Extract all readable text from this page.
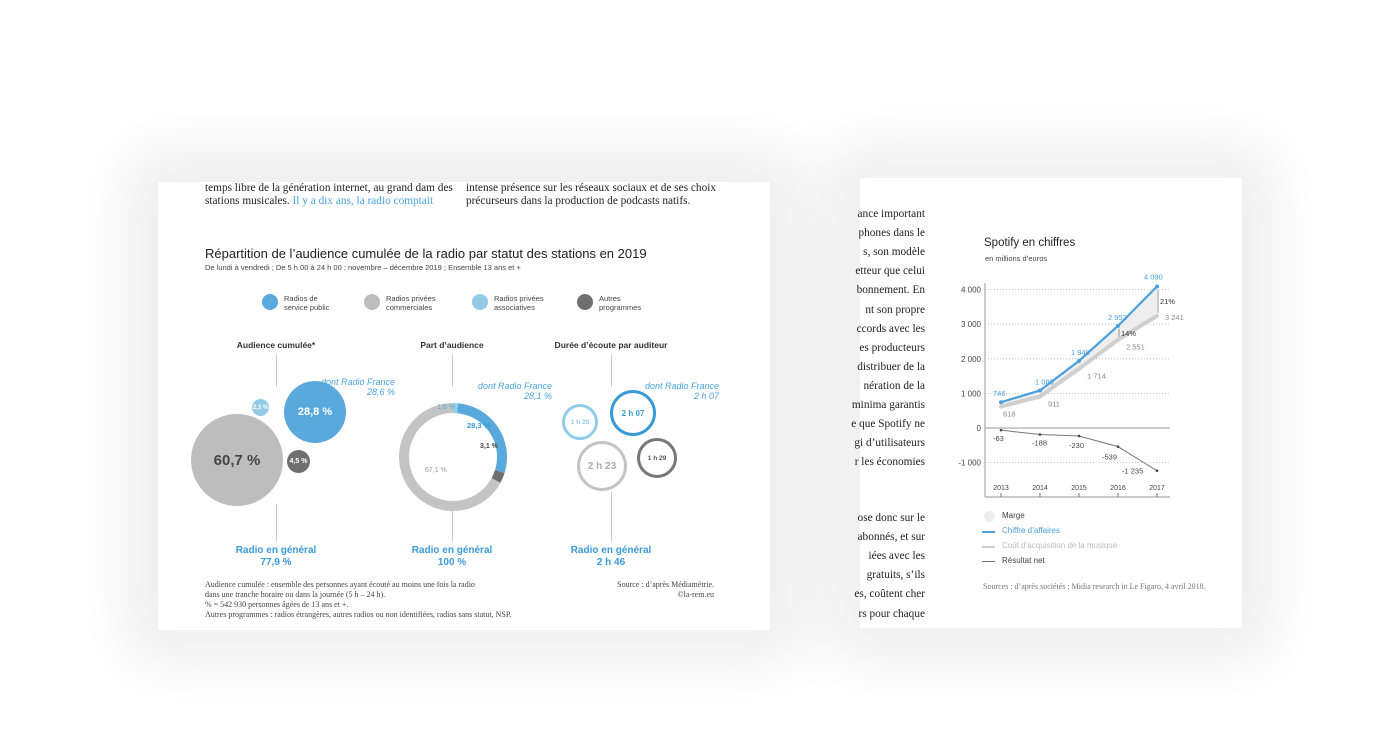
temps libre de la génération internet, au grand dam des
stations musicales. Il y a dix ans, la radio comptait
intense présence sur les réseaux sociaux et de ses choix
précurseurs dans la production de podcasts natifs.
Répartition de l’audience cumulée de la radio par statut des stations en 2019
De lundi à vendredi ; De 5 h 00 à 24 h 00 ; novembre – décembre 2019 ; Ensemble 13 ans et +
Radios de
service public
Radios privées
commerciales
Radios privées
associatives
Autres
programmes
Audience cumulée*	Part d’audience	Durée d’écoute par auditeur
60,7 %
28,8 %
2,3 %
4,5 %
dont Radio France
28,6 %
dont Radio France
28,1 %
1,5 %
28,3 %
3,1 %
67,1 %
1 h 25
2 h 07
2 h 23
1 h 29
dont Radio France
2 h 07
Radio en général
77,9 %
Radio en général
100 %
Radio en général
2 h 46
Audience cumulée : ensemble des personnes ayant écouté au moins une fois la radio
dans une tranche horaire ou dans la journée (5 h – 24 h).
% = 542 930 personnes âgées de 13 ans et +.
Autres programmes : radios étrangères, autres radios ou non identifiées, radios sans statut, NSP.
Source : d’après Médiamétrie.
©la-rem.eu
ance important
phones dans le
s, son modèle
etteur que celui
bonnement. En
nt son propre
ccords avec les
es producteurs
distribuer de la
nération de la
minima garantis
e que Spotify ne
gi d’utilisateurs
r les économies
ose donc sur le
abonnés, et sur
iées avec les
gratuits, s’ils
es, coûtent cher
rs pour chaque
Spotify en chiffres
en millions d’euros
4 000
3 000
2 000
1 000
0
-1 000
2013	2014	2015	2016	2017
746
1 085
1 940
2 952
4 090
618
911
1 714
2 551
3 241
-63	-188	-230
-539
-1 235
14%
21%
Marge
Chiffre d’affaires
Coût d’acquisition de la musique
Résultat net
Sources : d’après sociétés ; Midia research in Le Figaro, 4 avril 2018.
